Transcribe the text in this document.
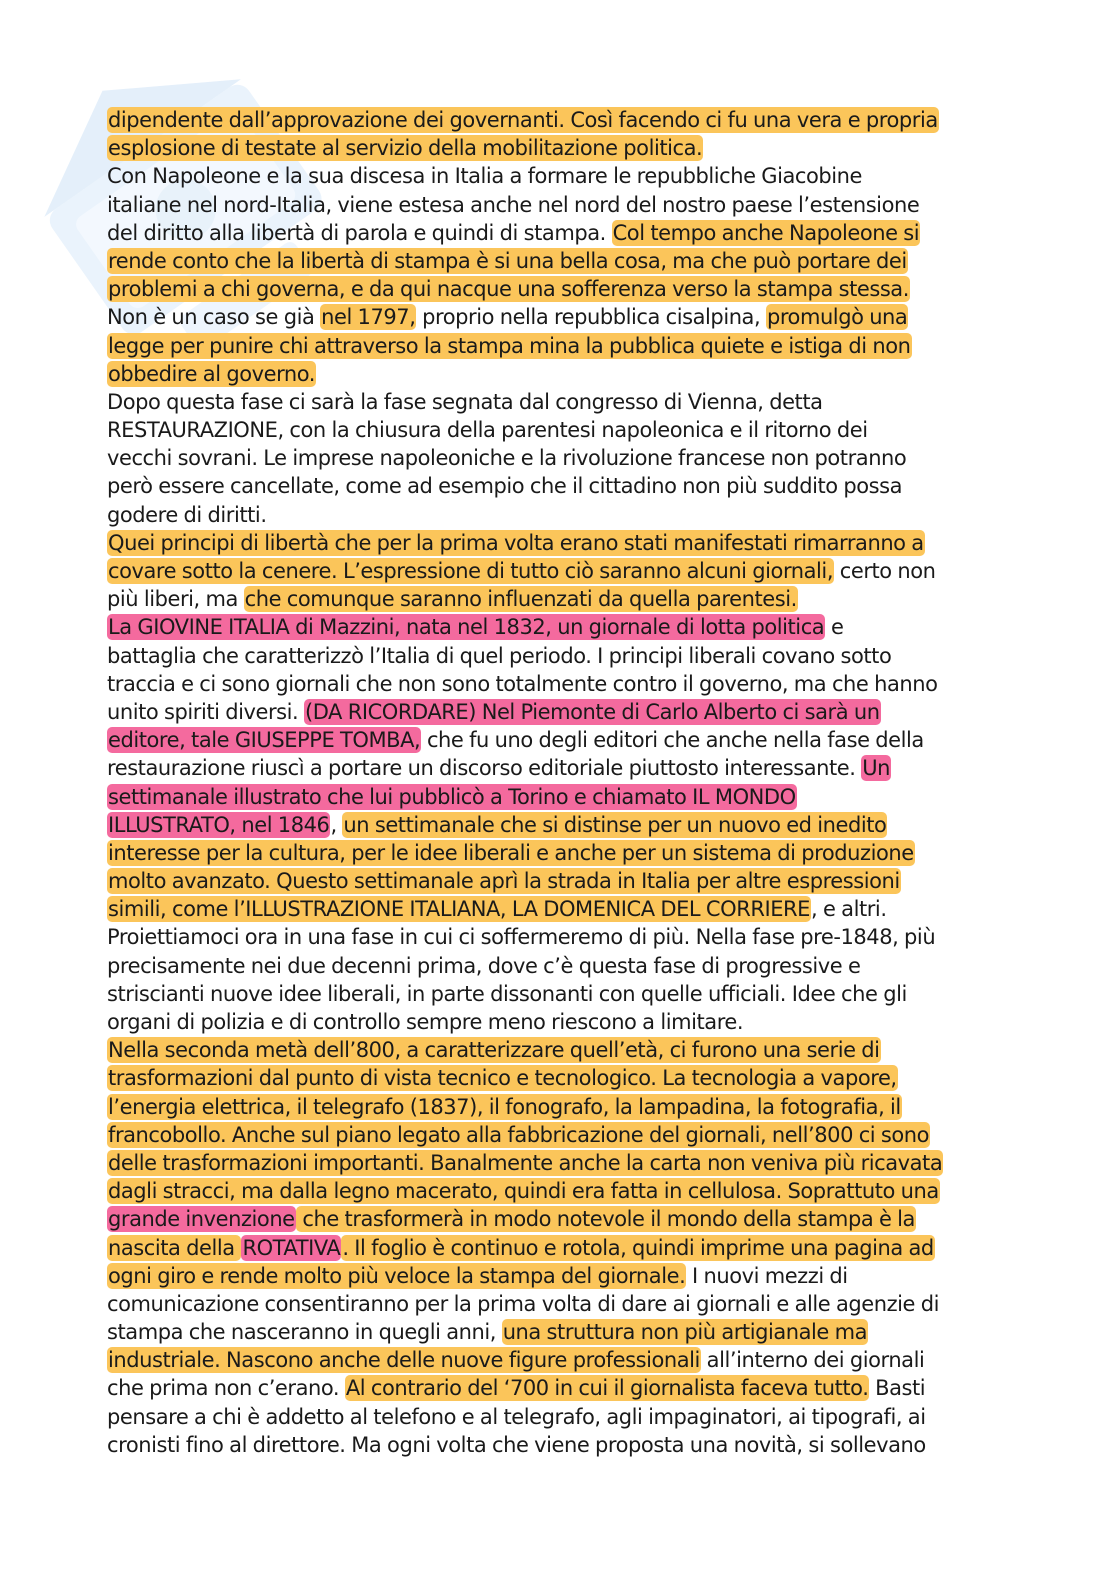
dipendente dall’approvazione dei governanti. Così facendo ci fu una vera e propria
esplosione di testate al servizio della mobilitazione politica.
Con Napoleone e la sua discesa in Italia a formare le repubbliche Giacobine
italiane nel nord-Italia, viene estesa anche nel nord del nostro paese l’estensione
del diritto alla libertà di parola e quindi di stampa. Col tempo anche Napoleone si
rende conto che la libertà di stampa è si una bella cosa, ma che può portare dei
problemi a chi governa, e da qui nacque una sofferenza verso la stampa stessa.
Non è un caso se già nel 1797, proprio nella repubblica cisalpina, promulgò una
legge per punire chi attraverso la stampa mina la pubblica quiete e istiga di non
obbedire al governo.
Dopo questa fase ci sarà la fase segnata dal congresso di Vienna, detta
RESTAURAZIONE, con la chiusura della parentesi napoleonica e il ritorno dei
vecchi sovrani. Le imprese napoleoniche e la rivoluzione francese non potranno
però essere cancellate, come ad esempio che il cittadino non più suddito possa
godere di diritti.
Quei principi di libertà che per la prima volta erano stati manifestati rimarranno a
covare sotto la cenere. L’espressione di tutto ciò saranno alcuni giornali, certo non
più liberi, ma che comunque saranno influenzati da quella parentesi.
La GIOVINE ITALIA di Mazzini, nata nel 1832, un giornale di lotta politica e
battaglia che caratterizzò l’Italia di quel periodo. I principi liberali covano sotto
traccia e ci sono giornali che non sono totalmente contro il governo, ma che hanno
unito spiriti diversi. (DA RICORDARE) Nel Piemonte di Carlo Alberto ci sarà un
editore, tale GIUSEPPE TOMBA, che fu uno degli editori che anche nella fase della
restaurazione riuscì a portare un discorso editoriale piuttosto interessante. Un
settimanale illustrato che lui pubblicò a Torino e chiamato IL MONDO
ILLUSTRATO, nel 1846, un settimanale che si distinse per un nuovo ed inedito
interesse per la cultura, per le idee liberali e anche per un sistema di produzione
molto avanzato. Questo settimanale aprì la strada in Italia per altre espressioni
simili, come l’ILLUSTRAZIONE ITALIANA, LA DOMENICA DEL CORRIERE, e altri.
Proiettiamoci ora in una fase in cui ci soffermeremo di più. Nella fase pre-1848, più
precisamente nei due decenni prima, dove c’è questa fase di progressive e
striscianti nuove idee liberali, in parte dissonanti con quelle ufficiali. Idee che gli
organi di polizia e di controllo sempre meno riescono a limitare.
Nella seconda metà dell’800, a caratterizzare quell’età, ci furono una serie di
trasformazioni dal punto di vista tecnico e tecnologico. La tecnologia a vapore,
l’energia elettrica, il telegrafo (1837), il fonografo, la lampadina, la fotografia, il
francobollo. Anche sul piano legato alla fabbricazione del giornali, nell’800 ci sono
delle trasformazioni importanti. Banalmente anche la carta non veniva più ricavata
dagli stracci, ma dalla legno macerato, quindi era fatta in cellulosa. Soprattuto una
grande invenzione che trasformerà in modo notevole il mondo della stampa è la
nascita della ROTATIVA. Il foglio è continuo e rotola, quindi imprime una pagina ad
ogni giro e rende molto più veloce la stampa del giornale. I nuovi mezzi di
comunicazione consentiranno per la prima volta di dare ai giornali e alle agenzie di
stampa che nasceranno in quegli anni, una struttura non più artigianale ma
industriale. Nascono anche delle nuove figure professionali all’interno dei giornali
che prima non c’erano. Al contrario del ‘700 in cui il giornalista faceva tutto. Basti
pensare a chi è addetto al telefono e al telegrafo, agli impaginatori, ai tipografi, ai
cronisti fino al direttore. Ma ogni volta che viene proposta una novità, si sollevano
